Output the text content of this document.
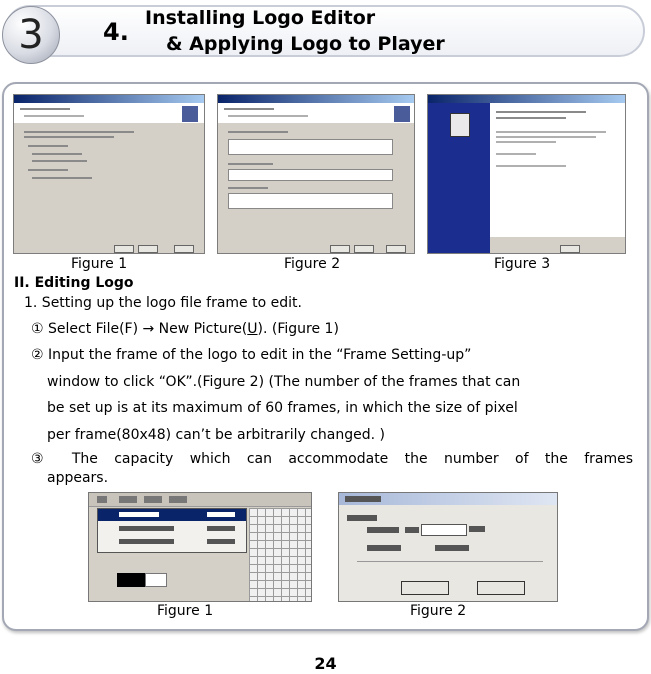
3	4. Installing Logo Editor
& Applying Logo to Player
Figure 1	Figure 2	Figure 3
II. Editing Logo
1. Setting up the logo file frame to edit.
① Select File(F) → New Picture(U). (Figure 1)
② Input the frame of the logo to edit in the “Frame Setting-up”
window to click “OK”.(Figure 2) (The number of the frames that can
be set up is at its maximum of 60 frames, in which the size of pixel
per frame(80x48) can’t be arbitrarily changed. )
③ The capacity which can accommodate the number of the frames
appears.
Figure 1	Figure 2
24
